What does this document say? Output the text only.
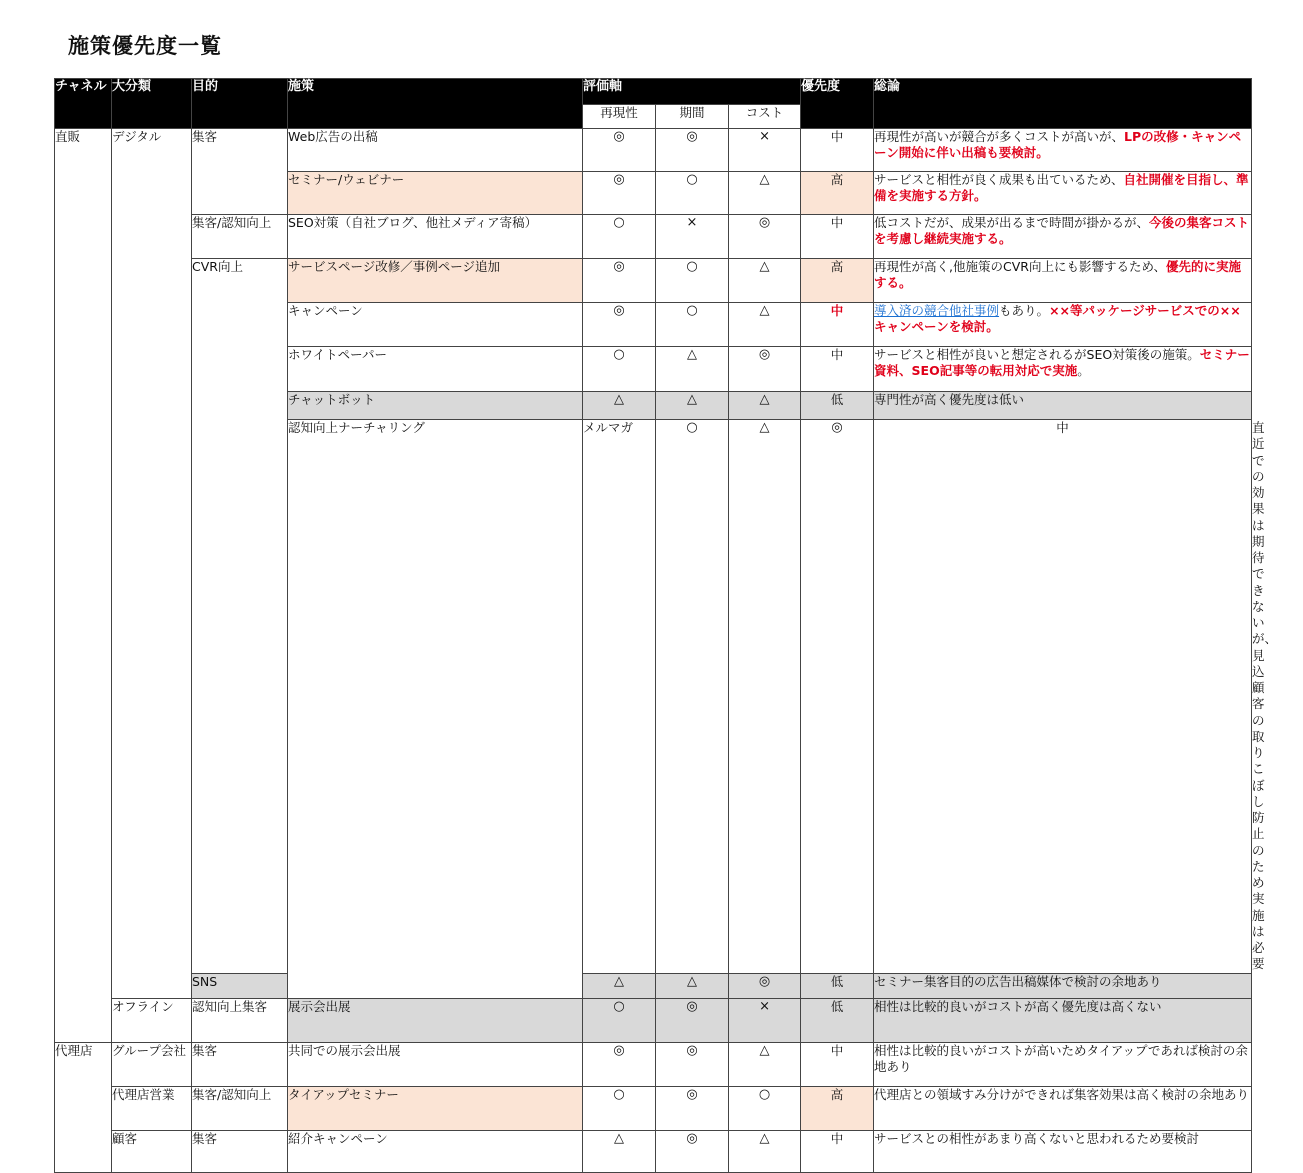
施策優先度一覧
チャネル	大分類	目的	施策	評価軸			優先度	総論	
				再現性	期間	コスト			
直販	デジタル	集客	Web広告の出稿	◎	◎	×	中	再現性が高いが競合が多くコストが高いが、LPの改修・キャンペーン開始に伴い出稿も要検討。	
			セミナー/ウェビナー	◎	○	△	高	サービスと相性が良く成果も出ているため、自社開催を目指し、準備を実施する方針。	
		集客/認知向上	SEO対策（自社ブログ、他社メディア寄稿）	○	×	◎	中	低コストだが、成果が出るまで時間が掛かるが、今後の集客コストを考慮し継続実施する。	
		CVR向上	サービスページ改修／事例ページ追加	◎	○	△	高	再現性が高く,他施策のCVR向上にも影響するため、優先的に実施する。	
			キャンペーン	◎	○	△	中	導入済の競合他社事例もあり。××等パッケージサービスでの××キャンペーンを検討。	
			ホワイトペーパー	○	△	◎	中	サービスと相性が良いと想定されるがSEO対策後の施策。セミナー資料、SEO記事等の転用対応で実施。	
			チャットボット	△	△	△	低	専門性が高く優先度は低い	
			認知向上ナーチャリング	メルマガ	○	△	◎	中	直近での効果は期待できないが、見込顧客の取りこぼし防止のため実施は必要
		SNS		△	△	◎	低	セミナー集客目的の広告出稿媒体で検討の余地あり	
	オフライン	認知向上集客	展示会出展	○	◎	×	低	相性は比較的良いがコストが高く優先度は高くない	
代理店	グループ会社	集客	共同での展示会出展	◎	◎	△	中	相性は比較的良いがコストが高いためタイアップであれば検討の余地あり	
	代理店営業	集客/認知向上	タイアップセミナー	○	◎	○	高	代理店との領域すみ分けができれば集客効果は高く検討の余地あり	
	顧客	集客	紹介キャンペーン	△	◎	△	中	サービスとの相性があまり高くないと思われるため要検討	
